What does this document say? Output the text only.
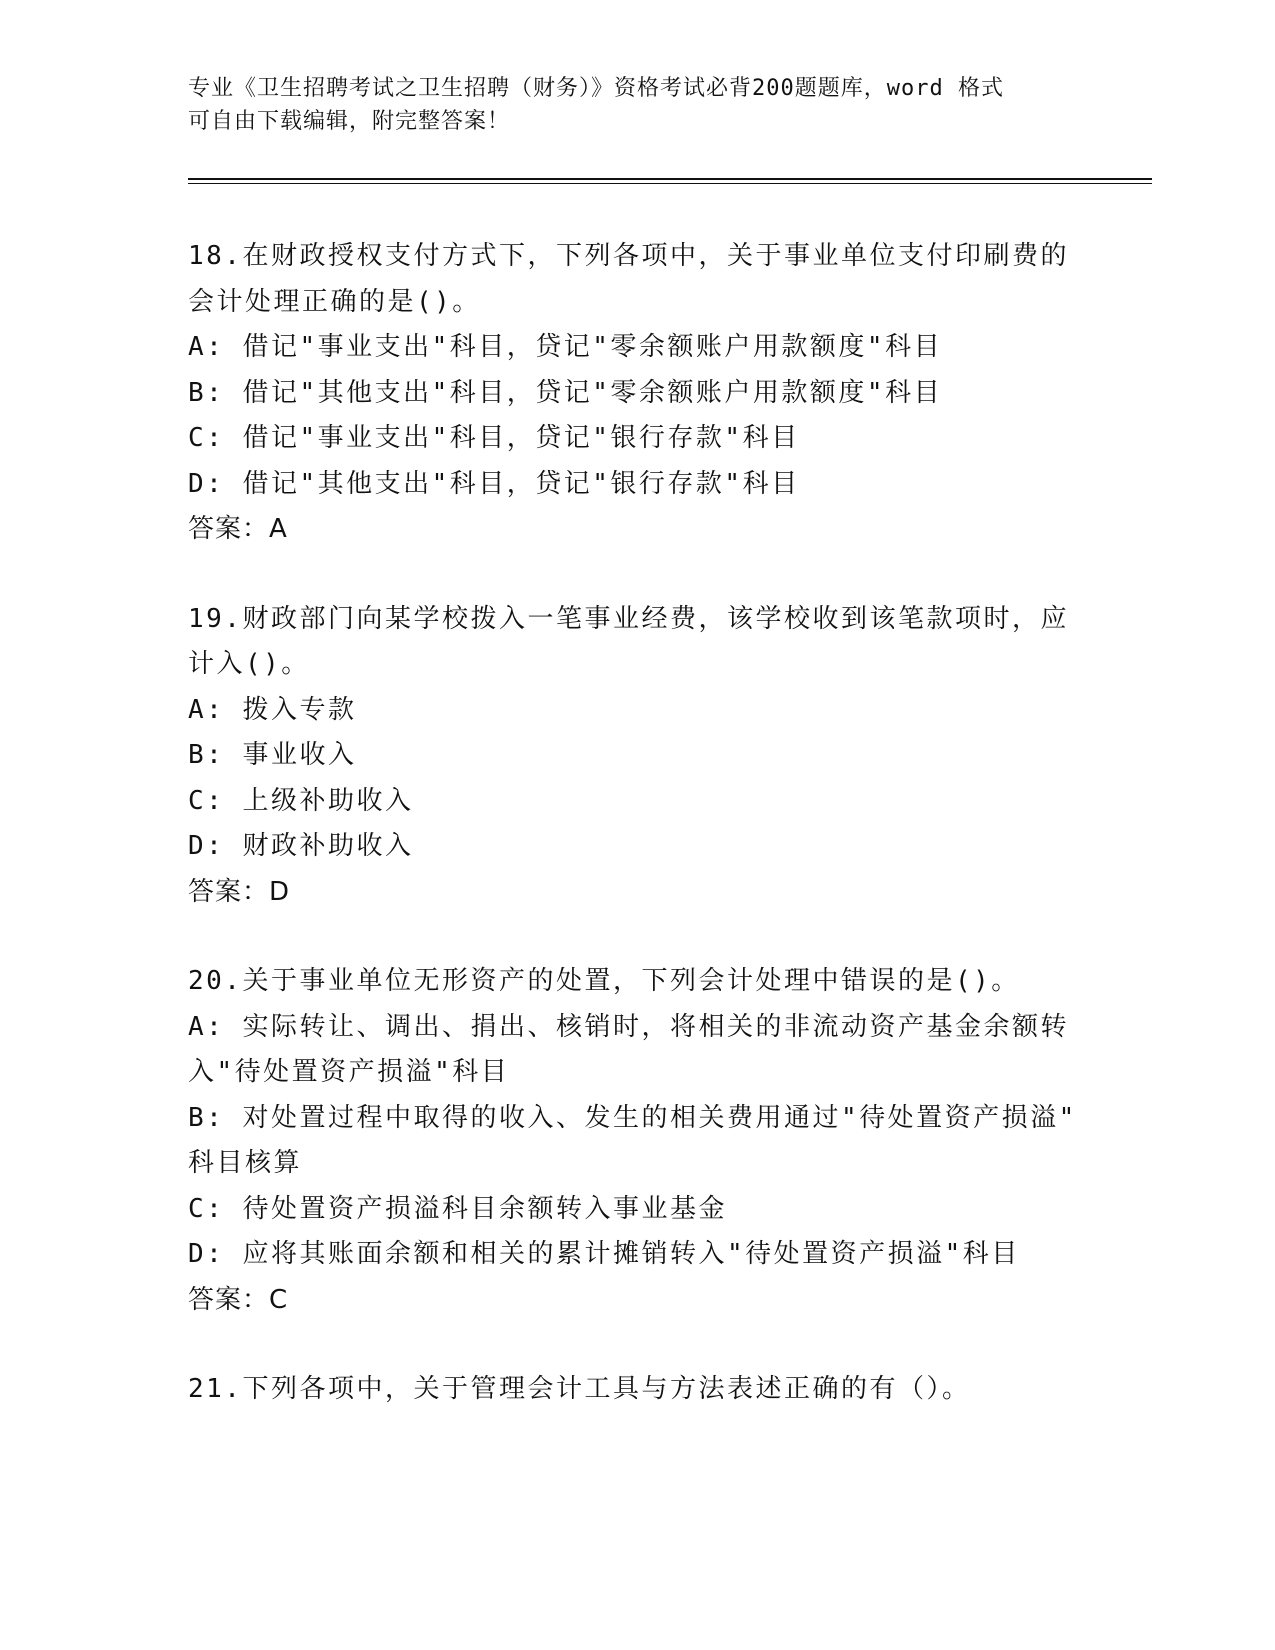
专业《卫生招聘考试之卫生招聘（财务）》资格考试必背200题题库，word 格式
可自由下载编辑，附完整答案！

18.在财政授权支付方式下，下列各项中，关于事业单位支付印刷费的

会计处理正确的是()。

A: 借记"事业支出"科目，贷记"零余额账户用款额度"科目

B: 借记"其他支出"科目，贷记"零余额账户用款额度"科目

C: 借记"事业支出"科目，贷记"银行存款"科目

D: 借记"其他支出"科目，贷记"银行存款"科目

答案：A

19.财政部门向某学校拨入一笔事业经费，该学校收到该笔款项时，应

计入()。

A: 拨入专款

B: 事业收入

C: 上级补助收入

D: 财政补助收入

答案：D

20.关于事业单位无形资产的处置，下列会计处理中错误的是()。

A: 实际转让、调出、捐出、核销时，将相关的非流动资产基金余额转

入"待处置资产损溢"科目

B: 对处置过程中取得的收入、发生的相关费用通过"待处置资产损溢"

科目核算

C: 待处置资产损溢科目余额转入事业基金

D: 应将其账面余额和相关的累计摊销转入"待处置资产损溢"科目

答案：C

21.下列各项中，关于管理会计工具与方法表述正确的有（）。
